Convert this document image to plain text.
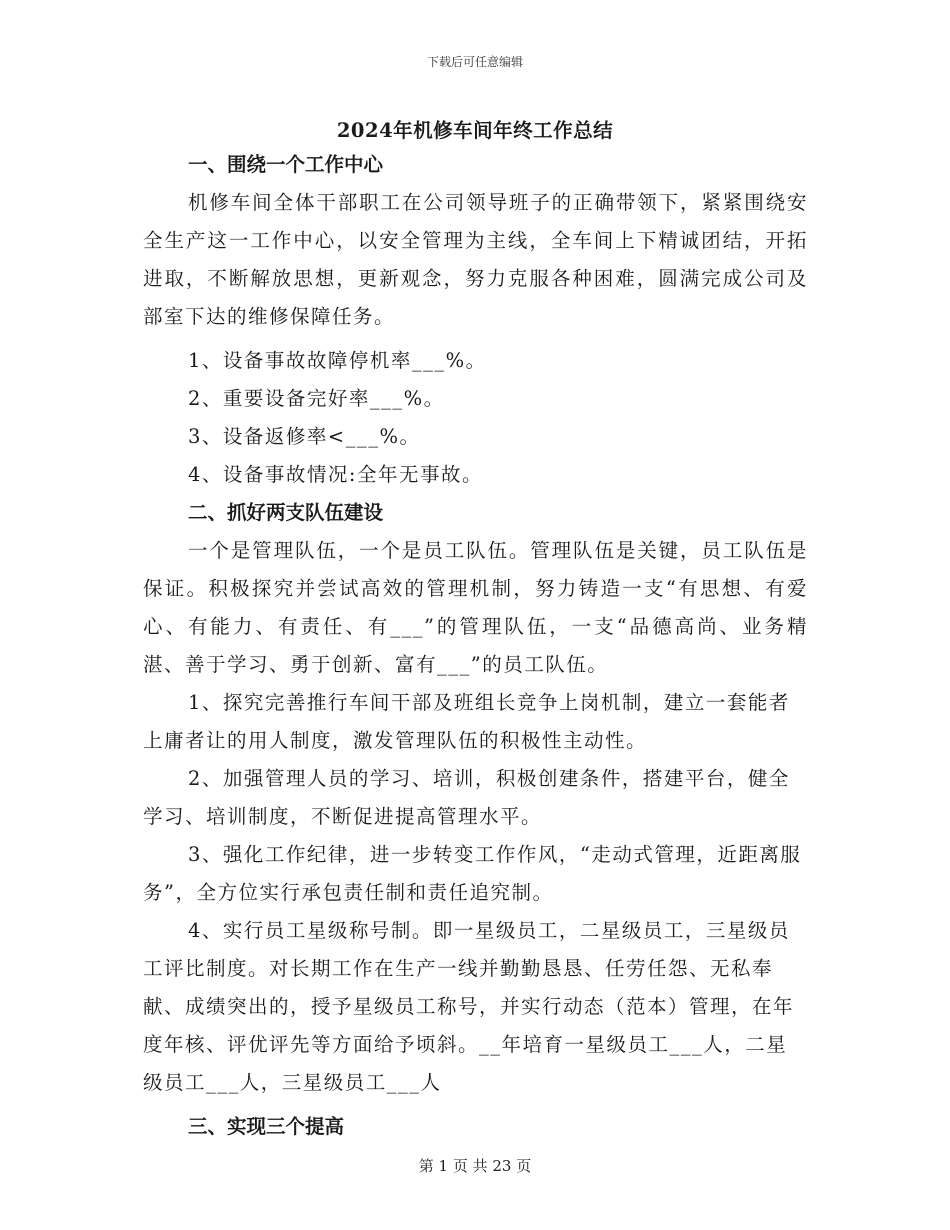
下载后可任意编辑
2024年机修车间年终工作总结

一、围绕一个工作中心

机修车间全体干部职工在公司领导班子的正确带领下，紧紧围绕安全生产这一工作中心，以安全管理为主线，全车间上下精诚团结，开拓进取，不断解放思想，更新观念，努力克服各种困难，圆满完成公司及部室下达的维修保障任务。

1、设备事故故障停机率___%。

2、重要设备完好率___%。

3、设备返修率<___%。

4、设备事故情况:全年无事故。

二、抓好两支队伍建设

一个是管理队伍，一个是员工队伍。管理队伍是关键，员工队伍是保证。积极探究并尝试高效的管理机制，努力铸造一支“有思想、有爱心、有能力、有责任、有___”的管理队伍，一支“品德高尚、业务精湛、善于学习、勇于创新、富有___”的员工队伍。

1、探究完善推行车间干部及班组长竞争上岗机制，建立一套能者上庸者让的用人制度，激发管理队伍的积极性主动性。

2、加强管理人员的学习、培训，积极创建条件，搭建平台，健全学习、培训制度，不断促进提高管理水平。

3、强化工作纪律，进一步转变工作作风，“走动式管理，近距离服务”，全方位实行承包责任制和责任追究制。

4、实行员工星级称号制。即一星级员工，二星级员工，三星级员工评比制度。对长期工作在生产一线并勤勤恳恳、任劳任怨、无私奉献、成绩突出的，授予星级员工称号，并实行动态（范本）管理，在年度年核、评优评先等方面给予顷斜。__年培育一星级员工___人，二星级员工___人，三星级员工___人

三、实现三个提高

第 1 页 共 23 页
